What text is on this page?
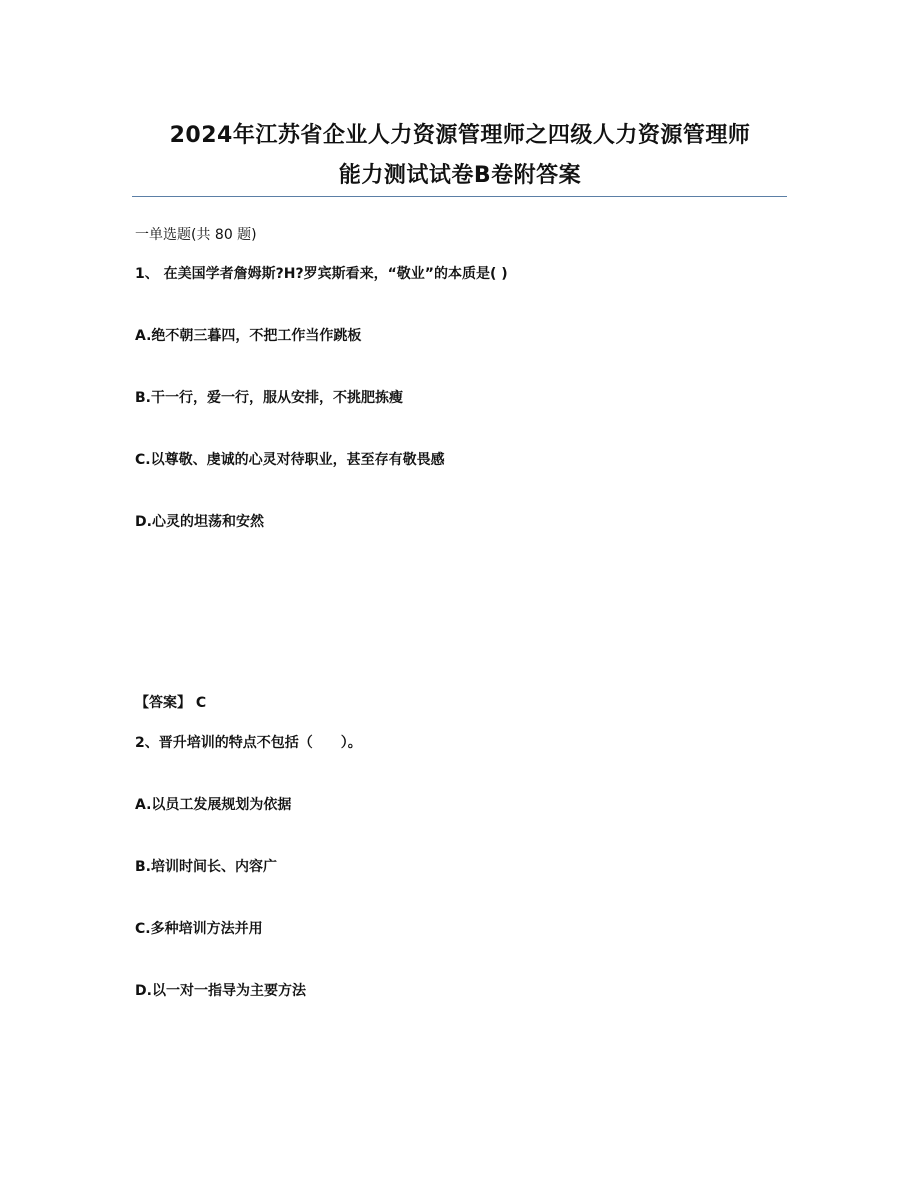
2024年江苏省企业人力资源管理师之四级人力资源管理师
能力测试试卷B卷附答案
一单选题(共 80 题)
1、 在美国学者詹姆斯?H?罗宾斯看来，“敬业”的本质是( )
A.绝不朝三暮四，不把工作当作跳板
B.干一行，爱一行，服从安排，不挑肥拣瘦
C.以尊敬、虔诚的心灵对待职业，甚至存有敬畏感
D.心灵的坦荡和安然
【答案】 C
2、晋升培训的特点不包括（　　）。
A.以员工发展规划为依据
B.培训时间长、内容广
C.多种培训方法并用
D.以一对一指导为主要方法
